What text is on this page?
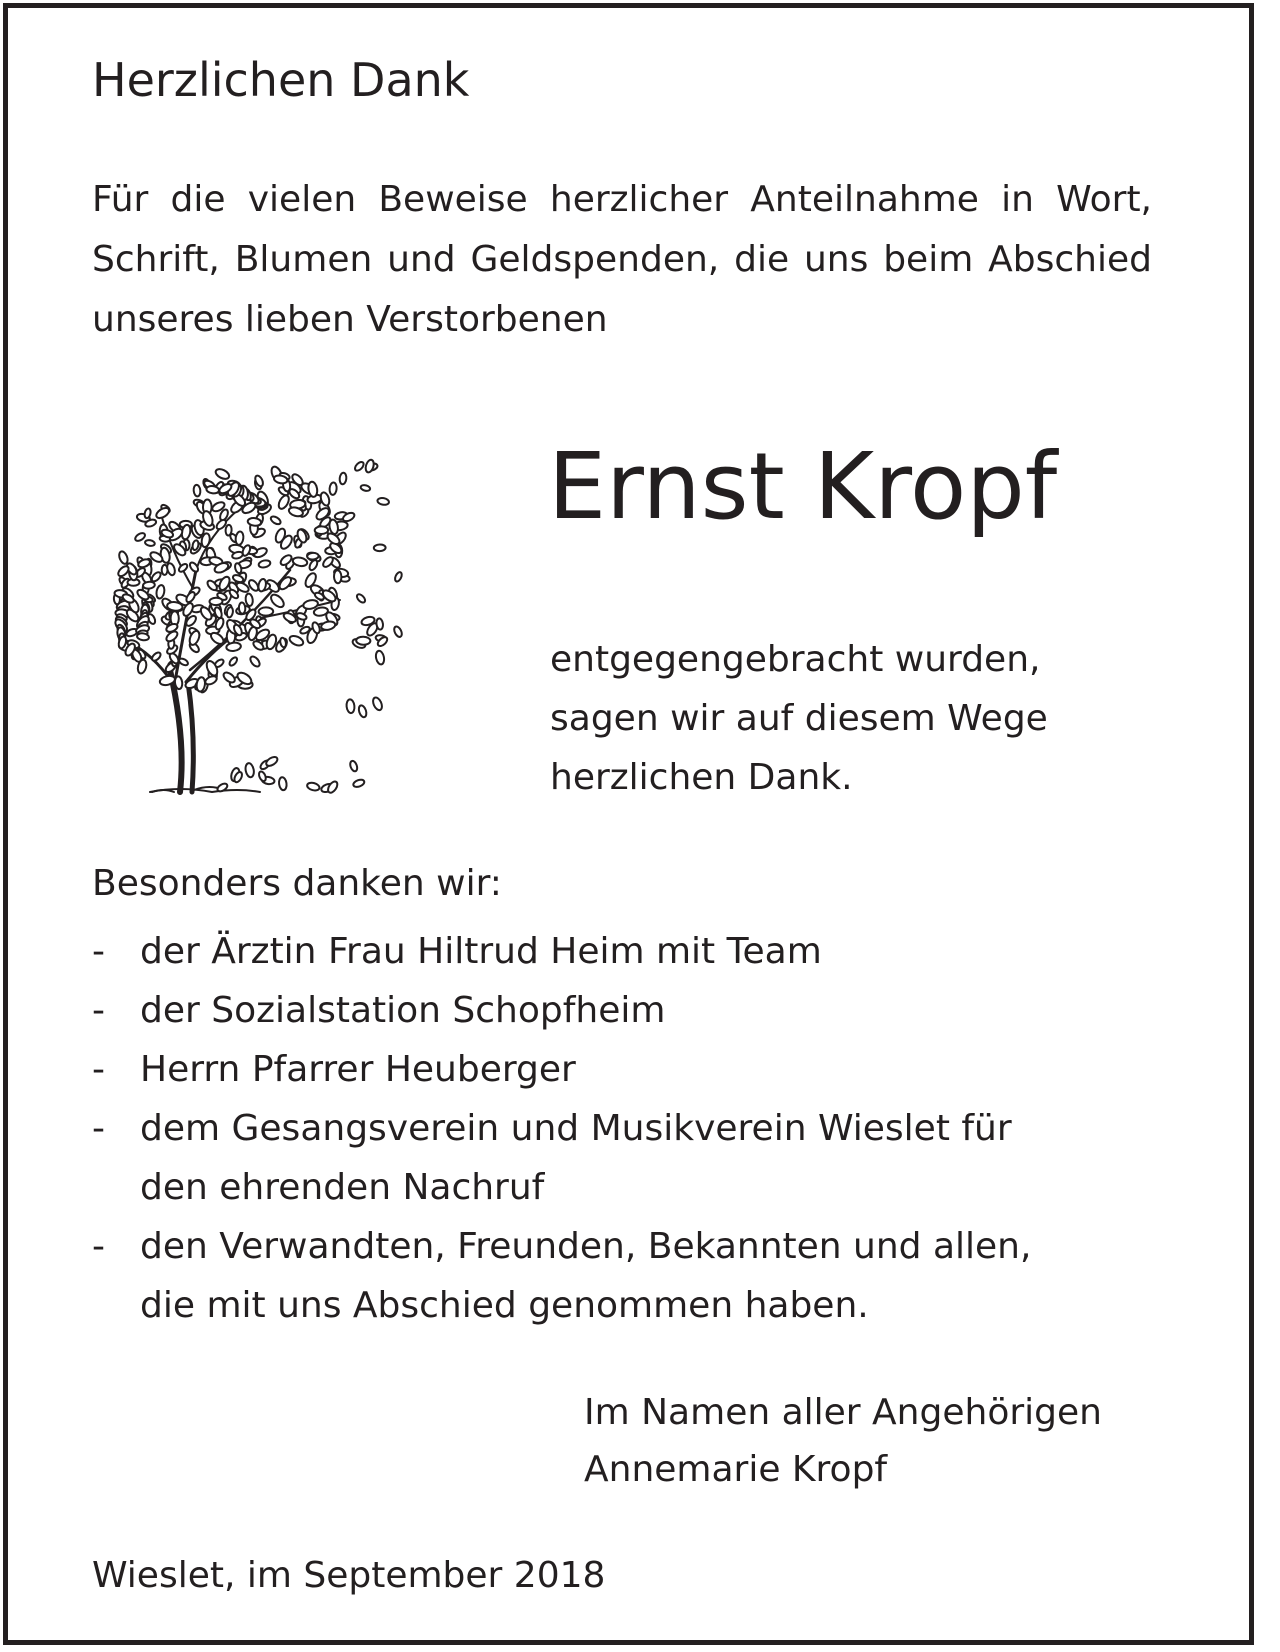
Herzlichen Dank
Für die vielen Beweise herzlicher Anteilnahme in Wort, Schrift, Blumen und Geldspenden, die uns beim Abschied unseres lieben Verstorbenen
Ernst Kropf
entgegengebracht wurden,
sagen wir auf diesem Wege
herzlichen Dank.
Besonders danken wir:
- der Ärztin Frau Hiltrud Heim mit Team
- der Sozialstation Schopfheim
- Herrn Pfarrer Heuberger
- dem Gesangsverein und Musikverein Wieslet für
den ehrenden Nachruf
- den Verwandten, Freunden, Bekannten und allen,
die mit uns Abschied genommen haben.
Im Namen aller Angehörigen
Annemarie Kropf
Wieslet, im September 2018
